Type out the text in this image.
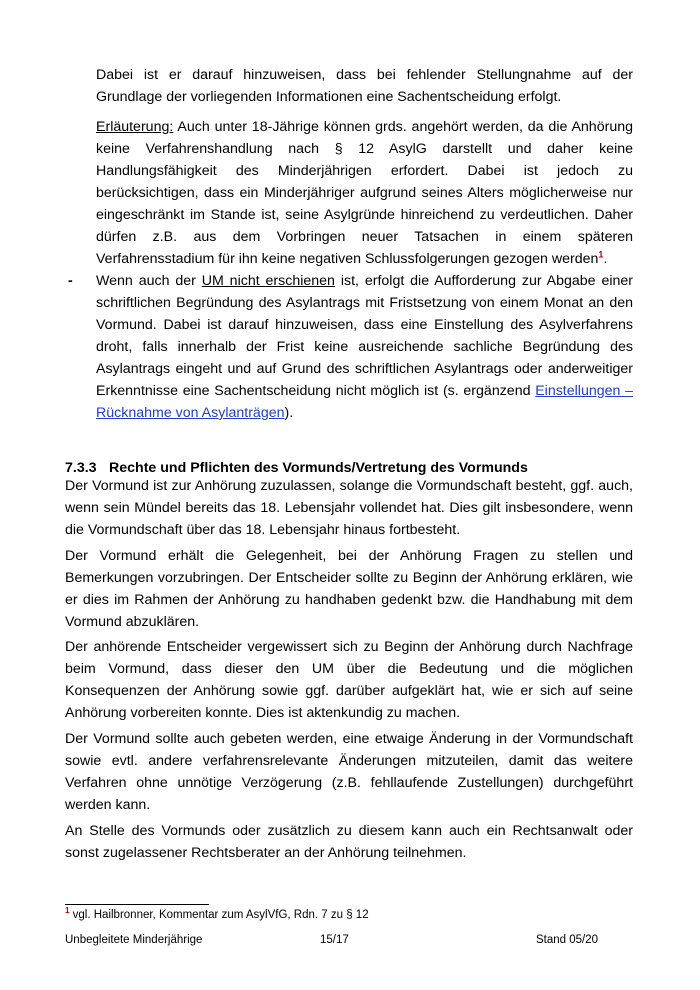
Dabei ist er darauf hinzuweisen, dass bei fehlender Stellungnahme auf der Grundlage der vorliegenden Informationen eine Sachentscheidung erfolgt.

Erläuterung: Auch unter 18-Jährige können grds. angehört werden, da die Anhörung keine Verfahrenshandlung nach § 12 AsylG darstellt und daher keine Handlungsfähigkeit des Minderjährigen erfordert. Dabei ist jedoch zu berücksichtigen, dass ein Minderjähriger aufgrund seines Alters möglicherweise nur eingeschränkt im Stande ist, seine Asylgründe hinreichend zu verdeutlichen. Daher dürfen z.B. aus dem Vorbringen neuer Tatsachen in einem späteren Verfahrensstadium für ihn keine negativen Schlussfolgerungen gezogen werden$^1$.

- Wenn auch der UM nicht erschienen ist, erfolgt die Aufforderung zur Abgabe einer schriftlichen Begründung des Asylantrags mit Fristsetzung von einem Monat an den Vormund. Dabei ist darauf hinzuweisen, dass eine Einstellung des Asylverfahrens droht, falls innerhalb der Frist keine ausreichende sachliche Begründung des Asylantrags eingeht und auf Grund des schriftlichen Asylantrags oder anderweitiger Erkenntnisse eine Sachentscheidung nicht möglich ist (s. ergänzend Einstellungen – Rücknahme von Asylanträgen).

7.3.3 Rechte und Pflichten des Vormunds/Vertretung des Vormunds

Der Vormund ist zur Anhörung zuzulassen, solange die Vormundschaft besteht, ggf. auch, wenn sein Mündel bereits das 18. Lebensjahr vollendet hat. Dies gilt insbesondere, wenn die Vormundschaft über das 18. Lebensjahr hinaus fortbesteht.

Der Vormund erhält die Gelegenheit, bei der Anhörung Fragen zu stellen und Bemerkungen vorzubringen. Der Entscheider sollte zu Beginn der Anhörung erklären, wie er dies im Rahmen der Anhörung zu handhaben gedenkt bzw. die Handhabung mit dem Vormund abzuklären.

Der anhörende Entscheider vergewissert sich zu Beginn der Anhörung durch Nachfrage beim Vormund, dass dieser den UM über die Bedeutung und die möglichen Konsequenzen der Anhörung sowie ggf. darüber aufgeklärt hat, wie er sich auf seine Anhörung vorbereiten konnte. Dies ist aktenkundig zu machen.

Der Vormund sollte auch gebeten werden, eine etwaige Änderung in der Vormundschaft sowie evtl. andere verfahrensrelevante Änderungen mitzuteilen, damit das weitere Verfahren ohne unnötige Verzögerung (z.B. fehllaufende Zustellungen) durchgeführt werden kann.

An Stelle des Vormunds oder zusätzlich zu diesem kann auch ein Rechtsanwalt oder sonst zugelassener Rechtsberater an der Anhörung teilnehmen.

$^1$ vgl. Hailbronner, Kommentar zum AsylVfG, Rdn. 7 zu § 12
Unbegleitete Minderjährige	15/17	Stand 05/20
